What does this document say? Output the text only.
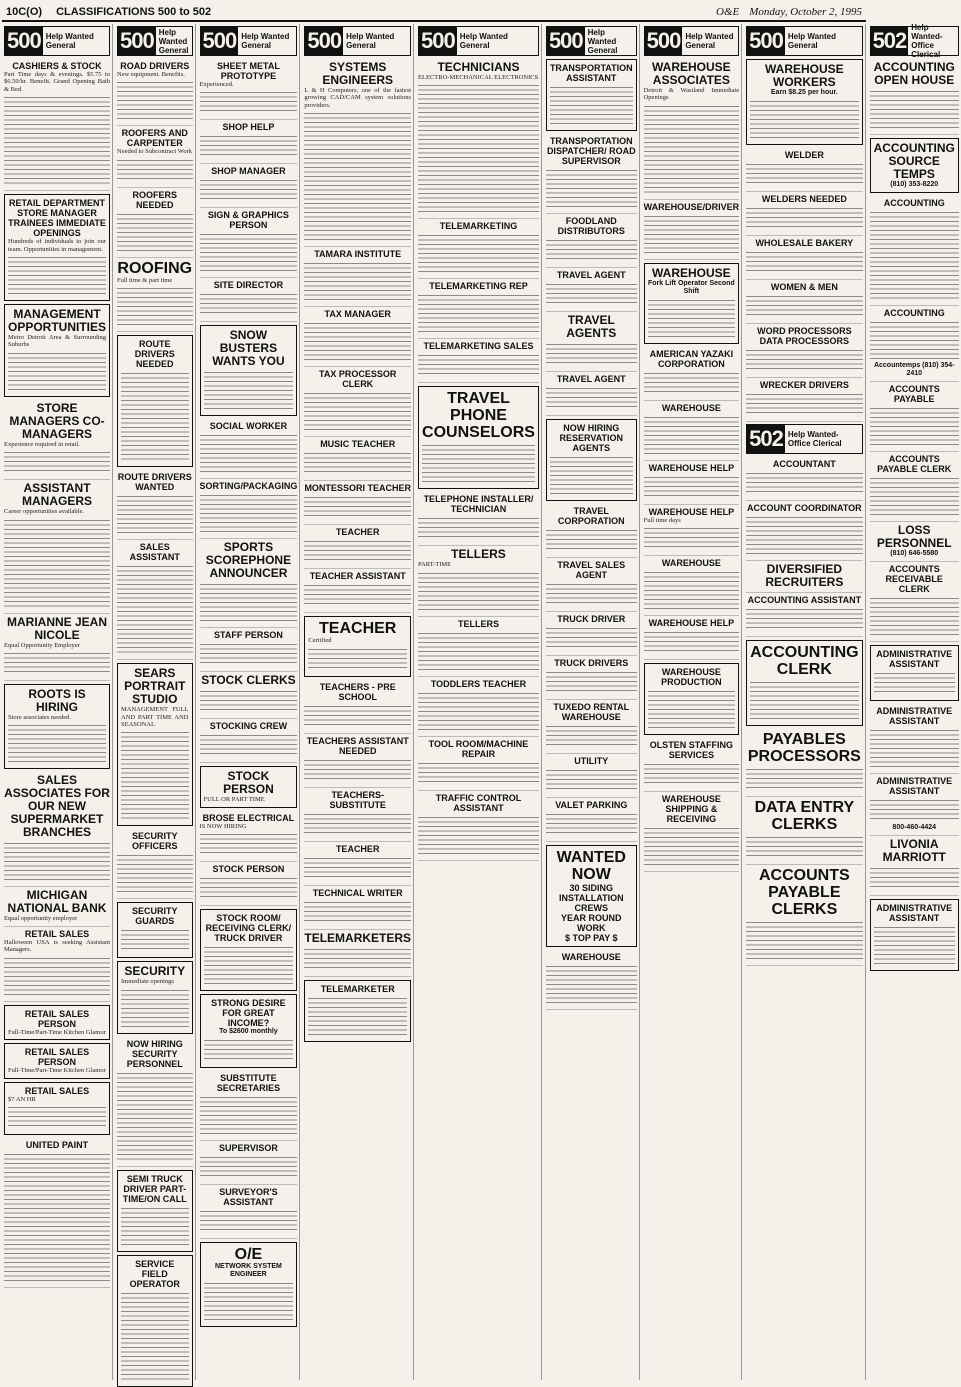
10C(O) CLASSIFICATIONS 500 to 502	O&E Monday, October 2, 1995
500 Help Wanted
General
CASHIERS & STOCK
Part Time days & evenings. $5.75 to $6.50/hr. Benefit. Grand Opening Bath & Bed.
RETAIL DEPARTMENT STORE MANAGER TRAINEES IMMEDIATE OPENINGS
Hundreds of individuals to join our team. Opportunities in management.
MANAGEMENT OPPORTUNITIES
Metro Detroit Area & Surrounding Suburbs
STORE MANAGERS CO-MANAGERS
Experience required in retail.
ASSISTANT MANAGERS
Career opportunities available.
MARIANNE JEAN NICOLE
Equal Opportunity Employer
ROOTS IS HIRING
Store associates needed.
SALES ASSOCIATES FOR OUR NEW SUPERMARKET BRANCHES
MICHIGAN NATIONAL BANK
Equal opportunity employer
RETAIL SALES
Halloween USA is seeking Assistant Managers.
RETAIL SALES PERSON
Full-Time/Part-Time Kitchen Glamor
RETAIL SALES PERSON
Full-Time/Part-Time Kitchen Glamor
RETAIL SALES
$7 AN HR
UNITED PAINT
500 Help Wanted
General
ROAD DRIVERS
New equipment. Benefits.
ROOFERS AND CARPENTER
Needed to Subcontract Work
ROOFERS NEEDED
ROOFING
Full time & part time
ROUTE DRIVERS NEEDED
ROUTE DRIVERS WANTED
SALES ASSISTANT
SEARS PORTRAIT STUDIO
MANAGEMENT FULL AND PART TIME AND SEASONAL
SECURITY OFFICERS
SECURITY GUARDS
SECURITY
Immediate openings
NOW HIRING SECURITY PERSONNEL
SEMI TRUCK DRIVER PART-TIME/ON CALL
SERVICE FIELD OPERATOR
500 Help Wanted
General
SHEET METAL PROTOTYPE
Experienced.
SHOP HELP
SHOP MANAGER
SIGN & GRAPHICS PERSON
SITE DIRECTOR
SNOW BUSTERS WANTS YOU
SOCIAL WORKER
SORTING/PACKAGING
SPORTS SCOREPHONE ANNOUNCER
STAFF PERSON
STOCK CLERKS
STOCKING CREW
STOCK PERSON
FULL OR PART TIME
BROSE ELECTRICAL
IS NOW HIRING
STOCK PERSON
STOCK ROOM/ RECEIVING CLERK/ TRUCK DRIVER
STRONG DESIRE FOR GREAT INCOME?
To $2600 monthly
SUBSTITUTE SECRETARIES
SUPERVISOR
SURVEYOR'S ASSISTANT
O/E
NETWORK SYSTEM ENGINEER
500 Help Wanted
General
SYSTEMS ENGINEERS
L & H Computers, one of the fastest growing CAD/CAM system solutions providers.
TAMARA INSTITUTE
TAX MANAGER
TAX PROCESSOR CLERK
MUSIC TEACHER
MONTESSORI TEACHER
TEACHER
TEACHER ASSISTANT
TEACHER
Certified
TEACHERS - PRE SCHOOL
TEACHERS ASSISTANT NEEDED
TEACHERS-SUBSTITUTE
TEACHER
TECHNICAL WRITER
TELEMARKETERS
TELEMARKETER
500 Help Wanted
General
TECHNICIANS
ELECTRO-MECHANICAL ELECTRONICS
TELEMARKETING
TELEMARKETING REP
TELEMARKETING SALES
TRAVEL PHONE COUNSELORS
TELEPHONE INSTALLER/ TECHNICIAN
TELLERS
PART-TIME
TELLERS
TODDLERS TEACHER
TOOL ROOM/MACHINE REPAIR
TRAFFIC CONTROL ASSISTANT
500 Help Wanted
General
TRANSPORTATION ASSISTANT
TRANSPORTATION DISPATCHER/ ROAD SUPERVISOR
FOODLAND DISTRIBUTORS
TRAVEL AGENT
TRAVEL AGENTS
TRAVEL AGENT
NOW HIRING RESERVATION AGENTS
TRAVEL CORPORATION
TRAVEL SALES AGENT
TRUCK DRIVER
TRUCK DRIVERS
TUXEDO RENTAL WAREHOUSE
UTILITY
VALET PARKING
WANTED NOW
30 SIDING INSTALLATION CREWS
YEAR ROUND WORK
$ TOP PAY $
WAREHOUSE
500 Help Wanted
General
WAREHOUSE ASSOCIATES
Detroit & Wastland Immediate Openings
WAREHOUSE/DRIVER
WAREHOUSE
Fork Lift Operator Second Shift
AMERICAN YAZAKI CORPORATION
WAREHOUSE
WAREHOUSE HELP
WAREHOUSE HELP
Full time days
WAREHOUSE
WAREHOUSE HELP
WAREHOUSE PRODUCTION
OLSTEN STAFFING SERVICES
WAREHOUSE SHIPPING & RECEIVING
500 Help Wanted
General
WAREHOUSE WORKERS
Earn $8.25 per hour.
WELDER
WELDERS NEEDED
WHOLESALE BAKERY
WOMEN & MEN
WORD PROCESSORS DATA PROCESSORS
WRECKER DRIVERS
502 Help Wanted-
Office Clerical
ACCOUNTANT
ACCOUNT COORDINATOR
DIVERSIFIED RECRUITERS
ACCOUNTING ASSISTANT
ACCOUNTING CLERK
PAYABLES PROCESSORS
DATA ENTRY CLERKS
ACCOUNTS PAYABLE CLERKS
502
Help Wanted-
Office Clerical
ACCOUNTING OPEN HOUSE
ACCOUNTING SOURCE TEMPS
(810) 353-8220
ACCOUNTING
ACCOUNTING
Accountemps (810) 354-2410
ACCOUNTS PAYABLE
ACCOUNTS PAYABLE CLERK
LOSS PERSONNEL
(810) 646-5580
ACCOUNTS RECEIVABLE CLERK
ADMINISTRATIVE ASSISTANT
ADMINISTRATIVE ASSISTANT
ADMINISTRATIVE ASSISTANT
800-460-4424
LIVONIA MARRIOTT
ADMINISTRATIVE ASSISTANT
